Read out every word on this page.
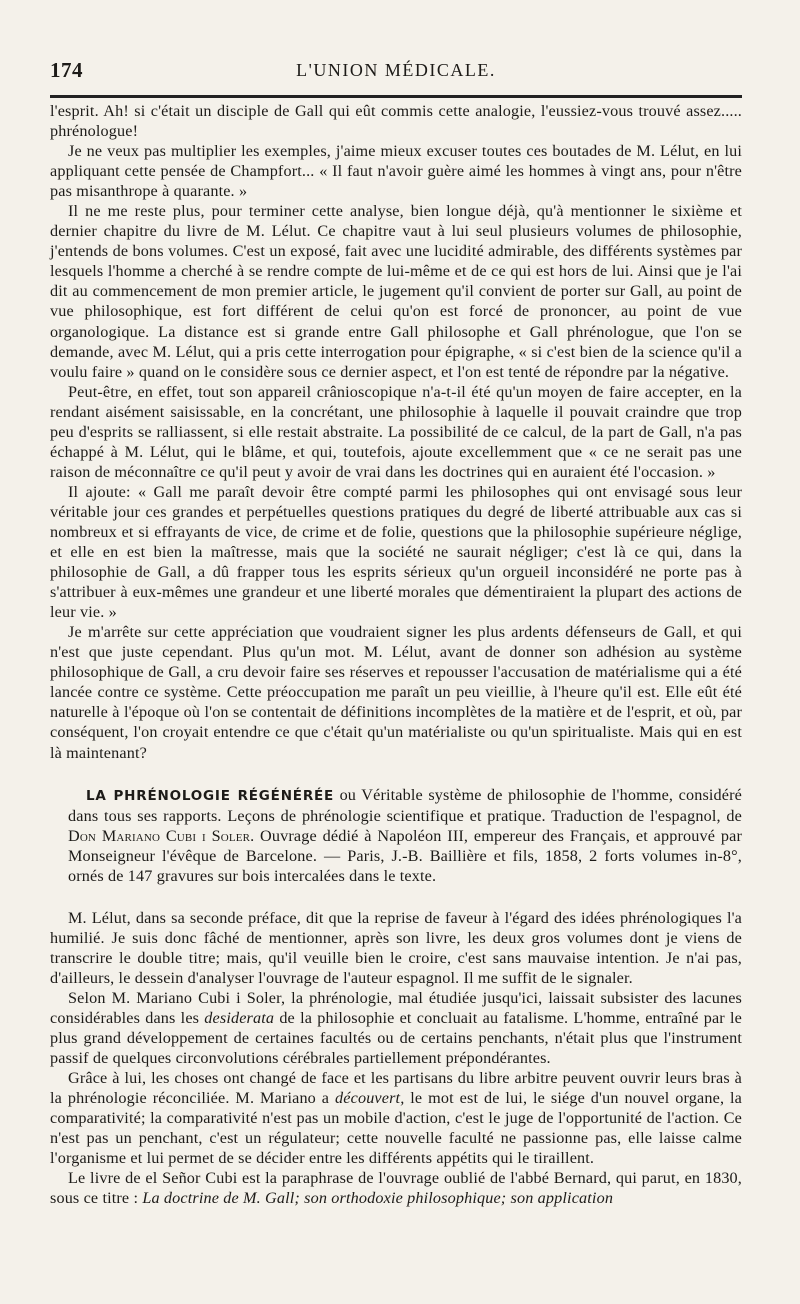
174	L'UNION MÉDICALE.

l'esprit. Ah! si c'était un disciple de Gall qui eût commis cette analogie, l'eussiez-vous trouvé assez..... phrénologue!

Je ne veux pas multiplier les exemples, j'aime mieux excuser toutes ces boutades de M. Lélut, en lui appliquant cette pensée de Champfort... « Il faut n'avoir guère aimé les hommes à vingt ans, pour n'être pas misanthrope à quarante. »

Il ne me reste plus, pour terminer cette analyse, bien longue déjà, qu'à mentionner le sixième et dernier chapitre du livre de M. Lélut. Ce chapitre vaut à lui seul plusieurs volumes de philosophie, j'entends de bons volumes. C'est un exposé, fait avec une lucidité admirable, des différents systèmes par lesquels l'homme a cherché à se rendre compte de lui-même et de ce qui est hors de lui. Ainsi que je l'ai dit au commencement de mon premier article, le jugement qu'il convient de porter sur Gall, au point de vue philosophique, est fort différent de celui qu'on est forcé de prononcer, au point de vue organologique. La distance est si grande entre Gall philosophe et Gall phrénologue, que l'on se demande, avec M. Lélut, qui a pris cette interrogation pour épigraphe, « si c'est bien de la science qu'il a voulu faire » quand on le considère sous ce dernier aspect, et l'on est tenté de répondre par la négative.

Peut-être, en effet, tout son appareil crânioscopique n'a-t-il été qu'un moyen de faire accepter, en la rendant aisément saisissable, en la concrétant, une philosophie à laquelle il pouvait craindre que trop peu d'esprits se ralliassent, si elle restait abstraite. La possibilité de ce calcul, de la part de Gall, n'a pas échappé à M. Lélut, qui le blâme, et qui, toutefois, ajoute excellemment que « ce ne serait pas une raison de méconnaître ce qu'il peut y avoir de vrai dans les doctrines qui en auraient été l'occasion. »

Il ajoute: « Gall me paraît devoir être compté parmi les philosophes qui ont envisagé sous leur véritable jour ces grandes et perpétuelles questions pratiques du degré de liberté attribuable aux cas si nombreux et si effrayants de vice, de crime et de folie, questions que la philosophie supérieure néglige, et elle en est bien la maîtresse, mais que la société ne saurait négliger; c'est là ce qui, dans la philosophie de Gall, a dû frapper tous les esprits sérieux qu'un orgueil inconsidéré ne porte pas à s'attribuer à eux-mêmes une grandeur et une liberté morales que démentiraient la plupart des actions de leur vie. »

Je m'arrête sur cette appréciation que voudraient signer les plus ardents défenseurs de Gall, et qui n'est que juste cependant. Plus qu'un mot. M. Lélut, avant de donner son adhésion au système philosophique de Gall, a cru devoir faire ses réserves et repousser l'accusation de matérialisme qui a été lancée contre ce système. Cette préoccupation me paraît un peu vieillie, à l'heure qu'il est. Elle eût été naturelle à l'époque où l'on se contentait de définitions incomplètes de la matière et de l'esprit, et où, par conséquent, l'on croyait entendre ce que c'était qu'un matérialiste ou qu'un spiritualiste. Mais qui en est là maintenant?

LA PHRÉNOLOGIE RÉGÉNÉRÉE ou Véritable système de philosophie de l'homme, considéré dans tous ses rapports. Leçons de phrénologie scientifique et pratique. Traduction de l'espagnol, de Don Mariano Cubi i Soler. Ouvrage dédié à Napoléon III, empereur des Français, et approuvé par Monseigneur l'évêque de Barcelone. — Paris, J.-B. Baillière et fils, 1858, 2 forts volumes in-8°, ornés de 147 gravures sur bois intercalées dans le texte.

M. Lélut, dans sa seconde préface, dit que la reprise de faveur à l'égard des idées phrénologiques l'a humilié. Je suis donc fâché de mentionner, après son livre, les deux gros volumes dont je viens de transcrire le double titre; mais, qu'il veuille bien le croire, c'est sans mauvaise intention. Je n'ai pas, d'ailleurs, le dessein d'analyser l'ouvrage de l'auteur espagnol. Il me suffit de le signaler.

Selon M. Mariano Cubi i Soler, la phrénologie, mal étudiée jusqu'ici, laissait subsister des lacunes considérables dans les desiderata de la philosophie et concluait au fatalisme. L'homme, entraîné par le plus grand développement de certaines facultés ou de certains penchants, n'était plus que l'instrument passif de quelques circonvolutions cérébrales partiellement prépondérantes.

Grâce à lui, les choses ont changé de face et les partisans du libre arbitre peuvent ouvrir leurs bras à la phrénologie réconciliée. M. Mariano a découvert, le mot est de lui, le siége d'un nouvel organe, la comparativité; la comparativité n'est pas un mobile d'action, c'est le juge de l'opportunité de l'action. Ce n'est pas un penchant, c'est un régulateur; cette nouvelle faculté ne passionne pas, elle laisse calme l'organisme et lui permet de se décider entre les différents appétits qui le tiraillent.

Le livre de el Señor Cubi est la paraphrase de l'ouvrage oublié de l'abbé Bernard, qui parut, en 1830, sous ce titre : La doctrine de M. Gall; son orthodoxie philosophique; son application
